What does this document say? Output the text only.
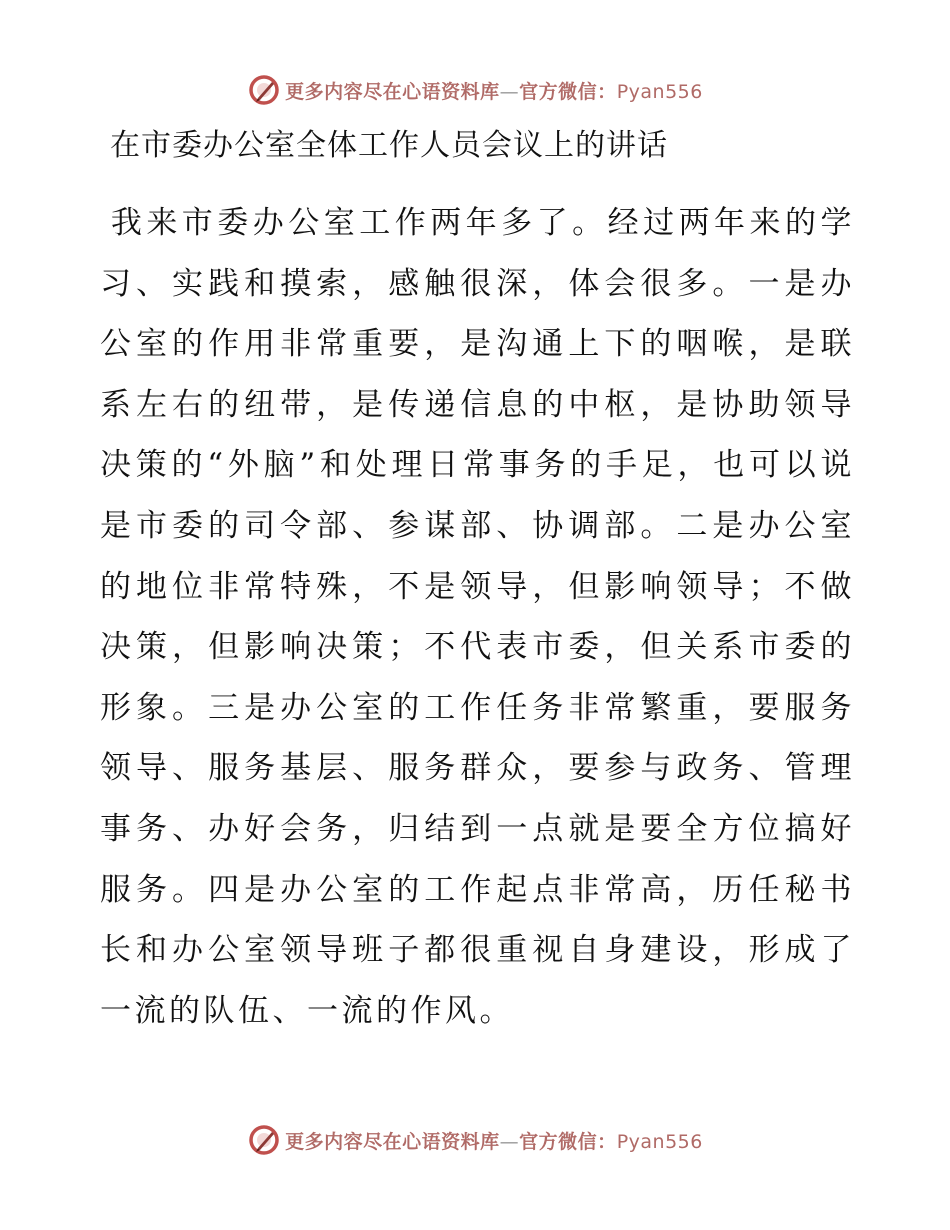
更多内容尽在心语资料库—官方微信：Pyan556
在市委办公室全体工作人员会议上的讲话

我来市委办公室工作两年多了。经过两年来的学习、实践和摸索，感触很深，体会很多。一是办公室的作用非常重要，是沟通上下的咽喉，是联系左右的纽带，是传递信息的中枢，是协助领导决策的“外脑”和处理日常事务的手足，也可以说是市委的司令部、参谋部、协调部。二是办公室的地位非常特殊，不是领导，但影响领导；不做决策，但影响决策；不代表市委，但关系市委的形象。三是办公室的工作任务非常繁重，要服务领导、服务基层、服务群众，要参与政务、管理事务、办好会务，归结到一点就是要全方位搞好服务。四是办公室的工作起点非常高，历任秘书长和办公室领导班子都很重视自身建设，形成了一流的队伍、一流的作风。

更多内容尽在心语资料库—官方微信：Pyan556
